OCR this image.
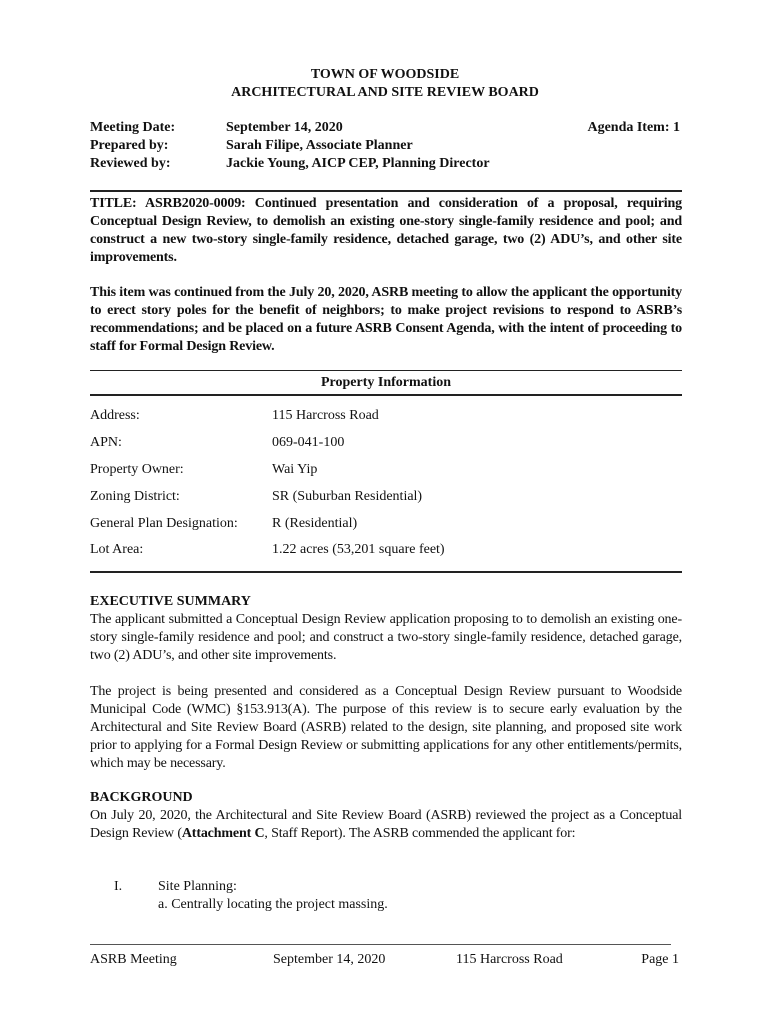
TOWN OF WOODSIDE
ARCHITECTURAL AND SITE REVIEW BOARD
Meeting Date:	September 14, 2020	Agenda Item: 1
Prepared by:	Sarah Filipe, Associate Planner
Reviewed by:	Jackie Young, AICP CEP, Planning Director
TITLE: ASRB2020-0009: Continued presentation and consideration of a proposal, requiring Conceptual Design Review, to demolish an existing one-story single-family residence and pool; and construct a new two-story single-family residence, detached garage, two (2) ADU’s, and other site improvements.
This item was continued from the July 20, 2020, ASRB meeting to allow the applicant the opportunity to erect story poles for the benefit of neighbors; to make project revisions to respond to ASRB’s recommendations; and be placed on a future ASRB Consent Agenda, with the intent of proceeding to staff for Formal Design Review.
Property Information
Address:	115 Harcross Road
APN:	069-041-100
Property Owner:	Wai Yip
Zoning District:	SR (Suburban Residential)
General Plan Designation: R (Residential)
Lot Area:	1.22 acres (53,201 square feet)
EXECUTIVE SUMMARY
The applicant submitted a Conceptual Design Review application proposing to to demolish an existing one-story single-family residence and pool; and construct a two-story single-family residence, detached garage, two (2) ADU’s, and other site improvements.
The project is being presented and considered as a Conceptual Design Review pursuant to Woodside Municipal Code (WMC) §153.913(A). The purpose of this review is to secure early evaluation by the Architectural and Site Review Board (ASRB) related to the design, site planning, and proposed site work prior to applying for a Formal Design Review or submitting applications for any other entitlements/permits, which may be necessary.
BACKGROUND
On July 20, 2020, the Architectural and Site Review Board (ASRB) reviewed the project as a Conceptual Design Review (Attachment C, Staff Report). The ASRB commended the applicant for:
I.	Site Planning:
a. Centrally locating the project massing.
ASRB Meeting	September 14, 2020	115 Harcross Road	Page 1
